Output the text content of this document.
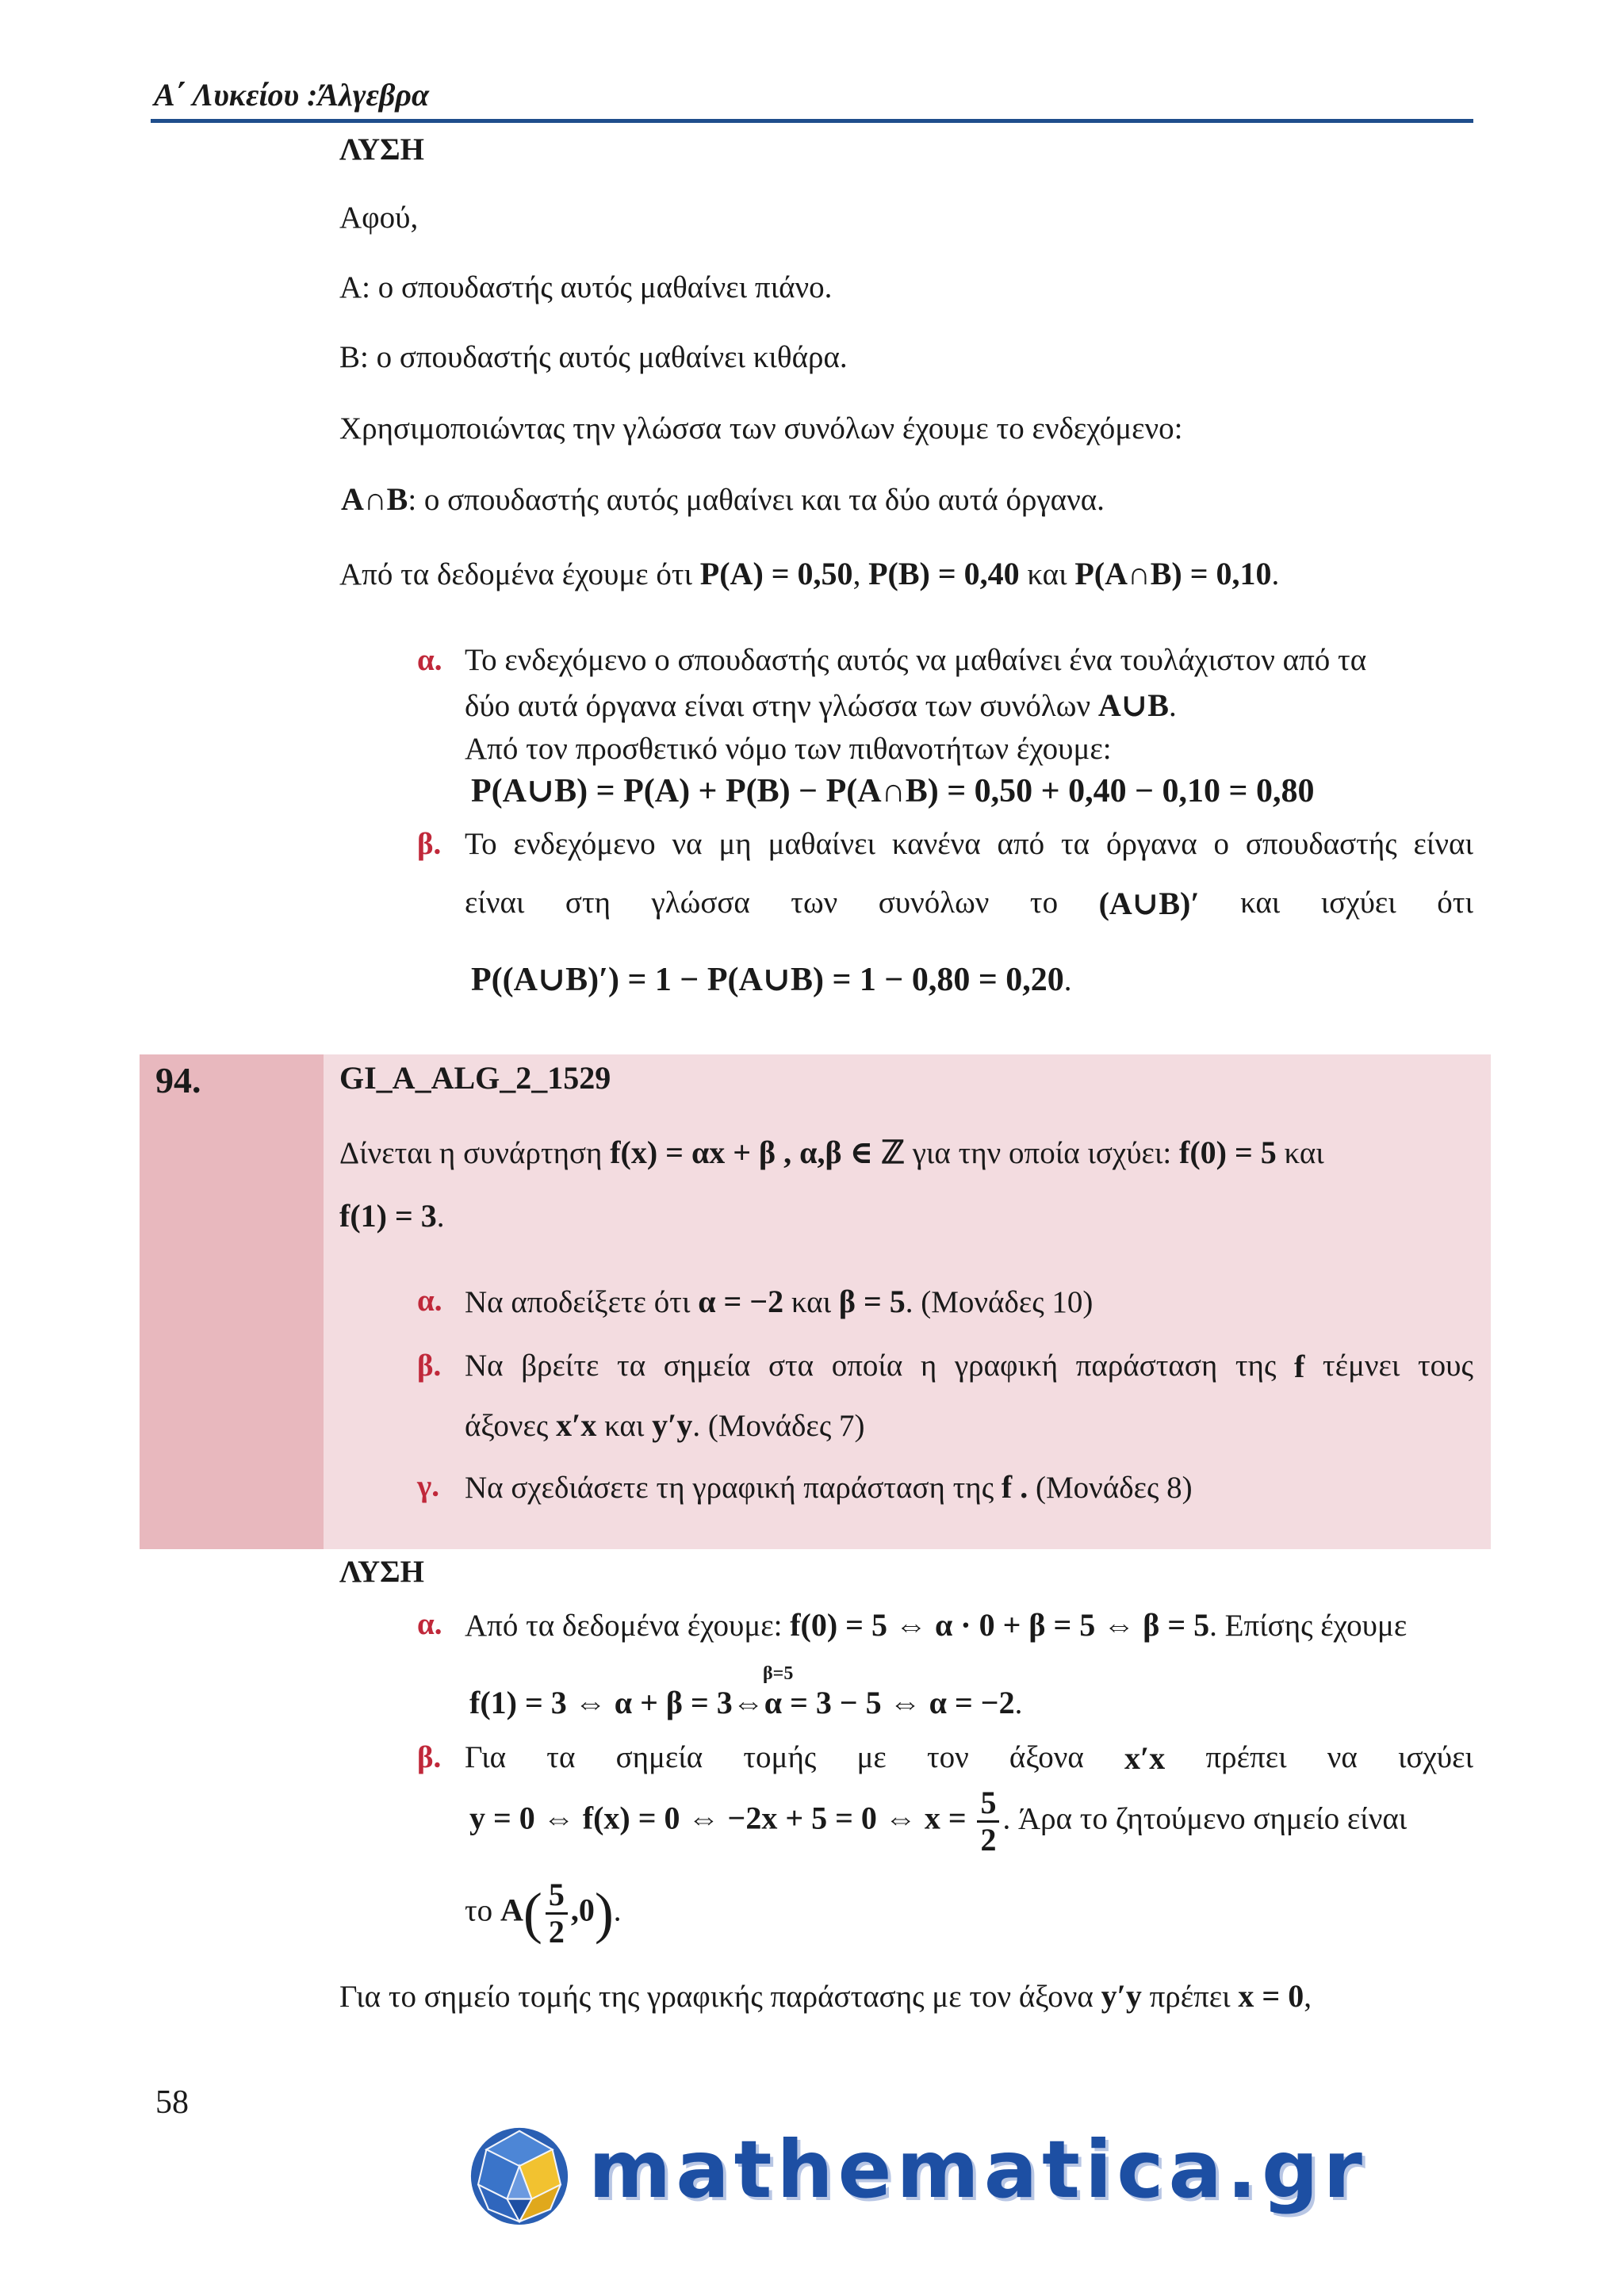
Α΄ Λυκείου :Άλγεβρα
ΛΥΣΗ
Αφού,
Α: ο σπουδαστής αυτός μαθαίνει πιάνο.
Β: ο σπουδαστής αυτός μαθαίνει κιθάρα.
Χρησιμοποιώντας την γλώσσα των συνόλων έχουμε το ενδεχόμενο:
Α∩Β: ο σπουδαστής αυτός μαθαίνει και τα δύο αυτά όργανα.
Από τα δεδομένα έχουμε ότι P(A) = 0,50, P(B) = 0,40 και P(A∩B) = 0,10.
α. Το ενδεχόμενο ο σπουδαστής αυτός να μαθαίνει ένα τουλάχιστον από τα
δύο αυτά όργανα είναι στην γλώσσα των συνόλων Α∪Β.
Από τον προσθετικό νόμο των πιθανοτήτων έχουμε:
P(A∪B) = P(A) + P(B) − P(A∩B) = 0,50 + 0,40 − 0,10 = 0,80
β. Το ενδεχόμενο να μη μαθαίνει κανένα από τα όργανα ο σπουδαστής είναι
είναι στη γλώσσα των συνόλων το (A∪B)′ και ισχύει ότι
P((A∪B)′) = 1 − P(A∪B) = 1 − 0,80 = 0,20.
94.	GI_A_ALG_2_1529
Δίνεται η συνάρτηση f(x) = αx + β , α,β ∈ ℤ για την οποία ισχύει: f(0) = 5 και
f(1) = 3.
α. Να αποδείξετε ότι α = −2 και β = 5. (Μονάδες 10)
β. Να βρείτε τα σημεία στα οποία η γραφική παράσταση της f τέμνει τους
άξονες x′x και y′y. (Μονάδες 7)
γ. Να σχεδιάσετε τη γραφική παράσταση της f . (Μονάδες 8)
ΛΥΣΗ
α. Από τα δεδομένα έχουμε: f(0) = 5 ⇔ α · 0 + β = 5 ⇔ β = 5. Επίσης έχουμε
β=5
f(1) = 3 ⇔ α + β = 3⇔α = 3 − 5 ⇔ α = −2.
β. Για τα σημεία τομής με τον άξονα x′x πρέπει να ισχύει
y = 0 ⇔ f(x) = 0 ⇔ −2x + 5 = 0 ⇔ $x = \frac{5}{2}$ . Άρα το ζητούμενο σημείο είναι
το $A( \frac{5}{2} ,0)$.
Για το σημείο τομής της γραφικής παράστασης με τον άξονα y′y πρέπει x = 0,
58
mathematica.gr
